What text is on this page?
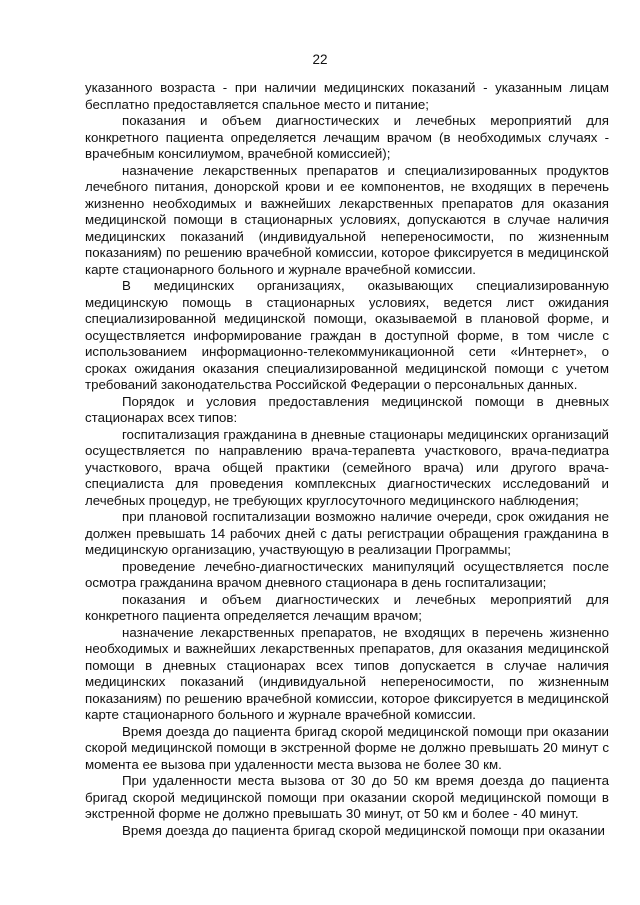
22

указанного возраста - при наличии медицинских показаний - указанным лицам бесплатно предоставляется спальное место и питание;

показания и объем диагностических и лечебных мероприятий для конкретного пациента определяется лечащим врачом (в необходимых случаях - врачебным консилиумом, врачебной комиссией);

назначение лекарственных препаратов и специализированных продуктов лечебного питания, донорской крови и ее компонентов, не входящих в перечень жизненно необходимых и важнейших лекарственных препаратов для оказания медицинской помощи в стационарных условиях, допускаются в случае наличия медицинских показаний (индивидуальной непереносимости, по жизненным показаниям) по решению врачебной комиссии, которое фиксируется в медицинской карте стационарного больного и журнале врачебной комиссии.

В медицинских организациях, оказывающих специализированную медицинскую помощь в стационарных условиях, ведется лист ожидания специализированной медицинской помощи, оказываемой в плановой форме, и осуществляется информирование граждан в доступной форме, в том числе с использованием информационно-телекоммуникационной сети «Интернет», о сроках ожидания оказания специализированной медицинской помощи с учетом требований законодательства Российской Федерации о персональных данных.

Порядок и условия предоставления медицинской помощи в дневных стационарах всех типов:

госпитализация гражданина в дневные стационары медицинских организаций осуществляется по направлению врача-терапевта участкового, врача-педиатра участкового, врача общей практики (семейного врача) или другого врача-специалиста для проведения комплексных диагностических исследований и лечебных процедур, не требующих круглосуточного медицинского наблюдения;

при плановой госпитализации возможно наличие очереди, срок ожидания не должен превышать 14 рабочих дней с даты регистрации обращения гражданина в медицинскую организацию, участвующую в реализации Программы;

проведение лечебно-диагностических манипуляций осуществляется после осмотра гражданина врачом дневного стационара в день госпитализации;

показания и объем диагностических и лечебных мероприятий для конкретного пациента определяется лечащим врачом;

назначение лекарственных препаратов, не входящих в перечень жизненно необходимых и важнейших лекарственных препаратов, для оказания медицинской помощи в дневных стационарах всех типов допускается в случае наличия медицинских показаний (индивидуальной непереносимости, по жизненным показаниям) по решению врачебной комиссии, которое фиксируется в медицинской карте стационарного больного и журнале врачебной комиссии.

Время доезда до пациента бригад скорой медицинской помощи при оказании скорой медицинской помощи в экстренной форме не должно превышать 20 минут с момента ее вызова при удаленности места вызова не более 30 км.

При удаленности места вызова от 30 до 50 км время доезда до пациента бригад скорой медицинской помощи при оказании скорой медицинской помощи в экстренной форме не должно превышать 30 минут, от 50 км и более - 40 минут.

Время доезда до пациента бригад скорой медицинской помощи при оказании
